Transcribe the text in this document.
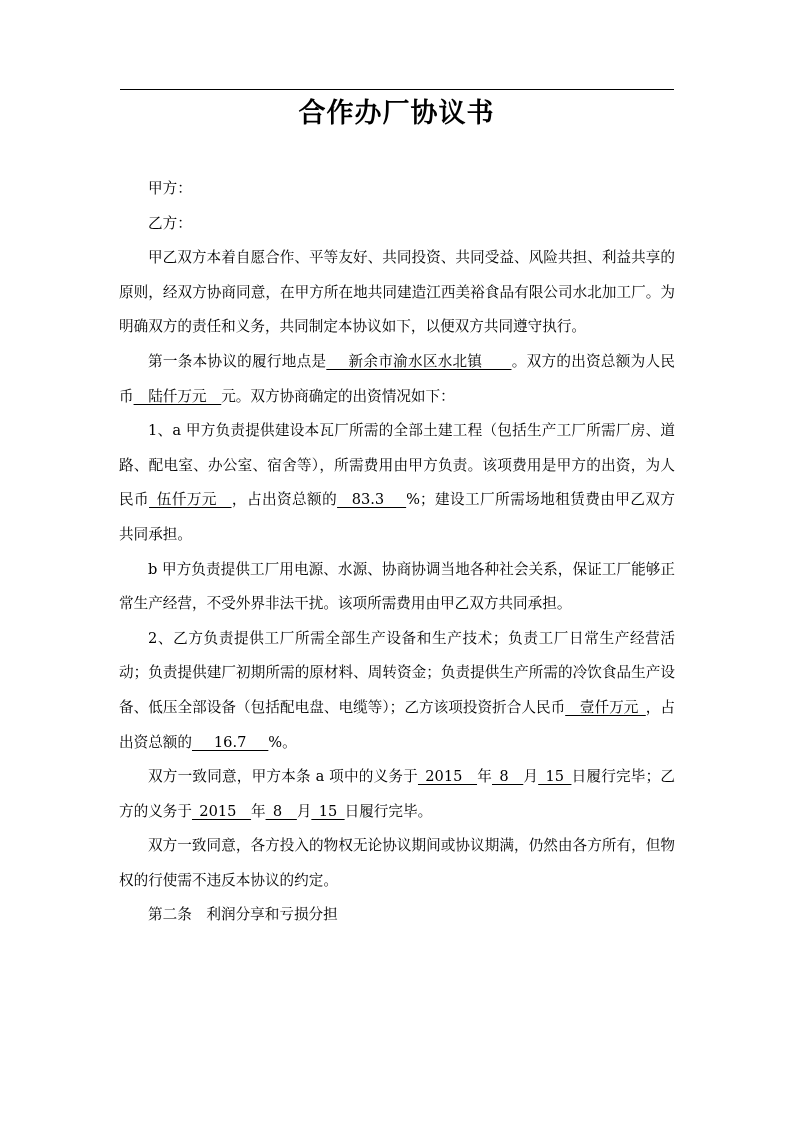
合作办厂协议书

甲方：

乙方：

甲乙双方本着自愿合作、平等友好、共同投资、共同受益、风险共担、利益共享的原则，经双方协商同意，在甲方所在地共同建造江西美裕食品有限公司水北加工厂。为明确双方的责任和义务，共同制定本协议如下，以便双方共同遵守执行。

第一条本协议的履行地点是___新余市渝水区水北镇____。双方的出资总额为人民币__陆仟万元__元。双方协商确定的出资情况如下：

1、a 甲方负责提供建设本瓦厂所需的全部土建工程（包括生产工厂所需厂房、道路、配电室、办公室、宿舍等），所需费用由甲方负责。该项费用是甲方的出资，为人民币_伍仟万元__，占出资总额的__83.3___%；建设工厂所需场地租赁费由甲乙双方共同承担。

b 甲方负责提供工厂用电源、水源、协商协调当地各种社会关系，保证工厂能够正常生产经营，不受外界非法干扰。该项所需费用由甲乙双方共同承担。

2、乙方负责提供工厂所需全部生产设备和生产技术；负责工厂日常生产经营活动；负责提供建厂初期所需的原材料、周转资金；负责提供生产所需的冷饮食品生产设备、低压全部设备（包括配电盘、电缆等）；乙方该项投资折合人民币__壹仟万元_，占出资总额的___16.7___%。

双方一致同意，甲方本条 a 项中的义务于_2015__年_8__月_15_日履行完毕；乙方的义务于_2015__年_8__月_15_日履行完毕。

双方一致同意，各方投入的物权无论协议期间或协议期满，仍然由各方所有，但物权的行使需不违反本协议的约定。

第二条　利润分享和亏损分担
